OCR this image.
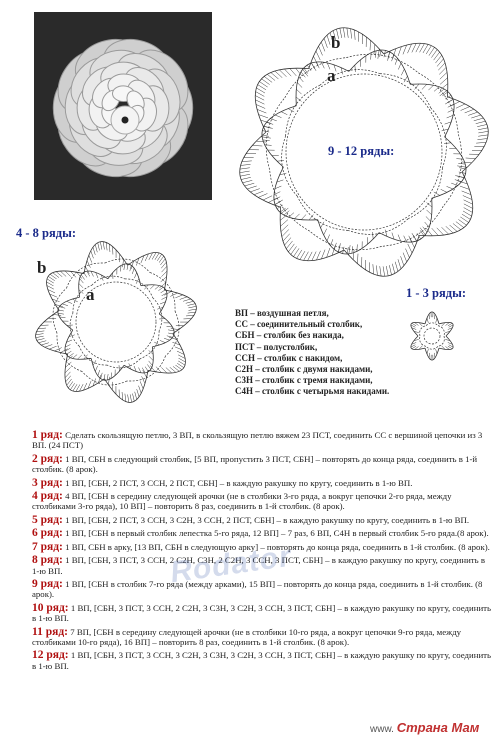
9 - 12 ряды:
b
a
4 - 8 ряды:
b
a	1 - 3 ряды:
ВП – воздушная петля,
СС – соединительный столбик,
СБН – столбик без накида,
ПСТ – полустолбик,
ССН – столбик с накидом,
С2Н – столбик с двумя накидами,
С3Н – столбик с тремя накидами,
С4Н – столбик с четырьмя накидами.
1 ряд: Сделать скользящую петлю, 3 ВП, в скользящую петлю вяжем 23 ПСТ, соединить СС с вершиной цепочки из 3 ВП. (24 ПСТ)
2 ряд: 1 ВП, СБН в следующий столбик, [5 ВП, пропустить 3 ПСТ, СБН] – повторять до конца ряда, соединить в 1-й столбик. (8 арок).
3 ряд: 1 ВП, [СБН, 2 ПСТ, 3 ССН, 2 ПСТ, СБН] – в каждую ракушку по кругу, соединить в 1-ю ВП.
4 ряд: 4 ВП, [СБН в середину следующей арочки (не в столбики 3-го ряда, а вокруг цепочки 2-го ряда, между столбиками 3-го ряда), 10 ВП] – повторить 8 раз, соединить в 1-й столбик. (8 арок).
5 ряд: 1 ВП, [СБН, 2 ПСТ, 3 ССН, 3 С2Н, 3 ССН, 2 ПСТ, СБН] – в каждую ракушку по кругу, соединить в 1-ю ВП.
6 ряд: 1 ВП, [СБН в первый столбик лепестка 5-го ряда, 12 ВП] – 7 раз, 6 ВП, С4Н в первый столбик 5-го ряда.(8 арок).
7 ряд: 1 ВП, СБН в арку, [13 ВП, СБН в следующую арку] – повторять до конца ряда, соединить в 1-й столбик. (8 арок).
8 ряд: 1 ВП, [СБН, 3 ПСТ, 3 ССН, 2 С2Н, С3Н, 2 С2Н, 3 ССН, 3 ПСТ, СБН] – в каждую ракушку по кругу, соединить в 1-ю ВП.
9 ряд: 1 ВП, [СБН в столбик 7-го ряда (между арками), 15 ВП] – повторять до конца ряда, соединить в 1-й столбик. (8 арок).
10 ряд: 1 ВП, [СБН, 3 ПСТ, 3 ССН, 2 С2Н, 3 С3Н, 3 С2Н, 3 ССН, 3 ПСТ, СБН] – в каждую ракушку по кругу, соединить в 1-ю ВП.
11 ряд: 7 ВП, [СБН в середину следующей арочки (не в столбики 10-го ряда, а вокруг цепочки 9-го ряда, между столбиками 10-го ряда), 16 ВП] – повторить 8 раз, соединить в 1-й столбик. (8 арок).
12 ряд: 1 ВП, [СБН, 3 ПСТ, 3 ССН, 3 С2Н, 3 С3Н, 3 С2Н, 3 ССН, 3 ПСТ, СБН] – в каждую ракушку по кругу, соединить в 1-ю ВП.
Rodator
www. Страна Мам
